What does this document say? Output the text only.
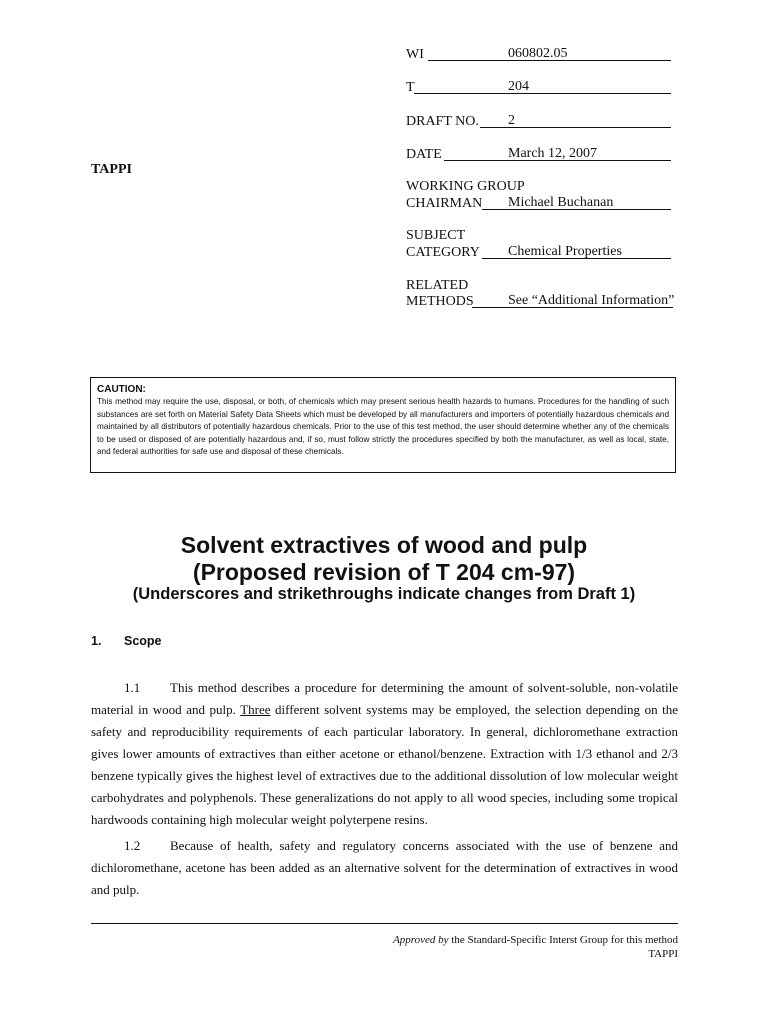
WI	060802.05
T	204
DRAFT NO. 2
DATE	March 12, 2007
WORKING GROUP
CHAIRMAN Michael Buchanan
SUBJECT
CATEGORY Chemical Properties
RELATED
METHODS See “Additional Information”
TAPPI
CAUTION:
This method may require the use, disposal, or both, of chemicals which may present serious health hazards to humans. Procedures for the handling of such substances are set forth on Material Safety Data Sheets which must be developed by all manufacturers and importers of potentially hazardous chemicals and maintained by all distributors of potentially hazardous chemicals. Prior to the use of this test method, the user should determine whether any of the chemicals to be used or disposed of are potentially hazardous and, if so, must follow strictly the procedures specified by both the manufacturer, as well as local, state, and federal authorities for safe use and disposal of these chemicals.
Solvent extractives of wood and pulp
(Proposed revision of T 204 cm-97)
(Underscores and strikethroughs indicate changes from Draft 1)
1. Scope
1.1 This method describes a procedure for determining the amount of solvent-soluble, non-volatile material in wood and pulp. Three different solvent systems may be employed, the selection depending on the safety and reproducibility requirements of each particular laboratory. In general, dichloromethane extraction gives lower amounts of extractives than either acetone or ethanol/benzene. Extraction with 1/3 ethanol and 2/3 benzene typically gives the highest level of extractives due to the additional dissolution of low molecular weight carbohydrates and polyphenols. These generalizations do not apply to all wood species, including some tropical hardwoods containing high molecular weight polyterpene resins.
1.2 Because of health, safety and regulatory concerns associated with the use of benzene and dichloromethane, acetone has been added as an alternative solvent for the determination of extractives in wood and pulp.
Approved by the Standard-Specific Interst Group for this method
TAPPI
